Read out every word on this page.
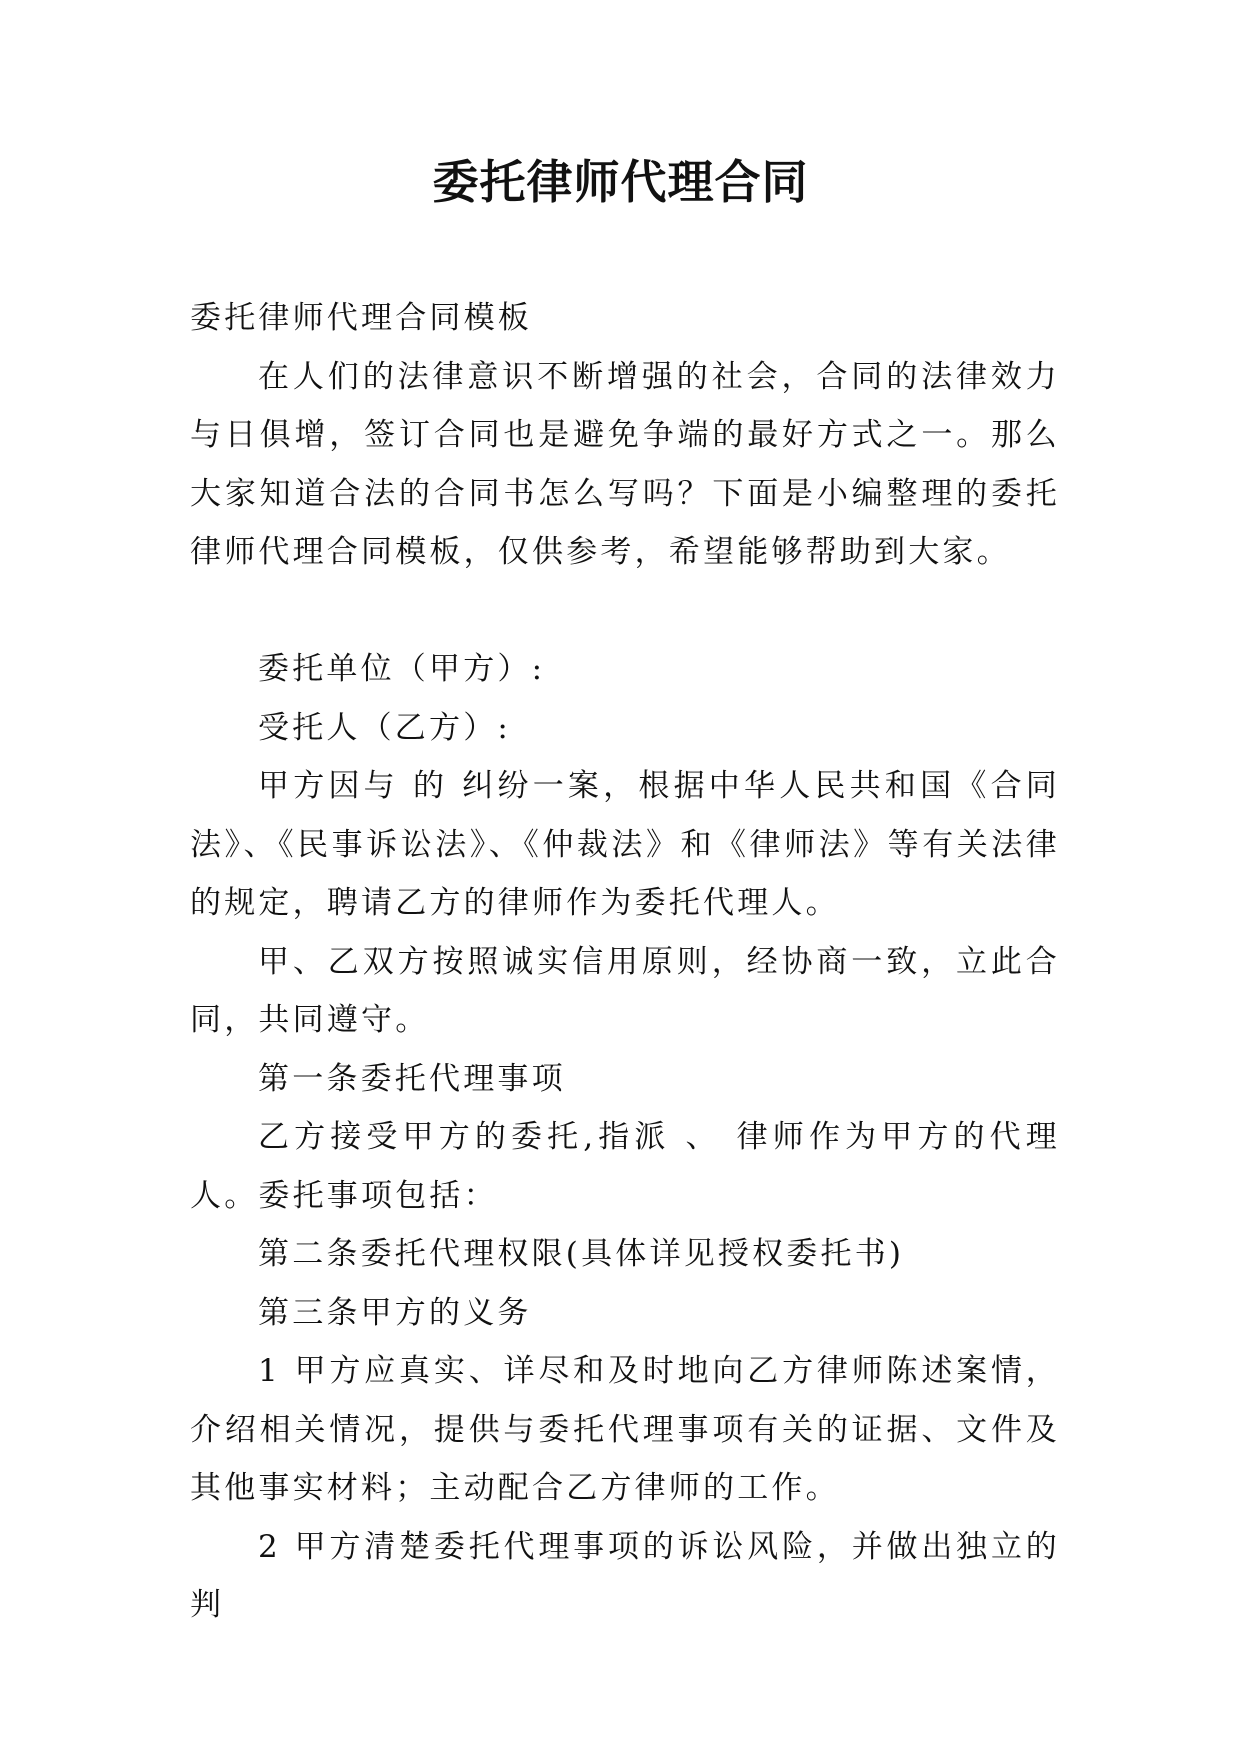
委托律师代理合同

委托律师代理合同模板

在人们的法律意识不断增强的社会，合同的法律效力与日俱增，签订合同也是避免争端的最好方式之一。那么大家知道合法的合同书怎么写吗？下面是小编整理的委托律师代理合同模板，仅供参考，希望能够帮助到大家。

委托单位（甲方）:

受托人（乙方）:

甲方因与 的 纠纷一案，根据中华人民共和国《合同法》、《民事诉讼法》、《仲裁法》和《律师法》等有关法律的规定，聘请乙方的律师作为委托代理人。

甲、乙双方按照诚实信用原则，经协商一致，立此合同，共同遵守。

第一条委托代理事项

乙方接受甲方的委托,指派 、 律师作为甲方的代理人。委托事项包括：

第二条委托代理权限(具体详见授权委托书)

第三条甲方的义务

1 甲方应真实、详尽和及时地向乙方律师陈述案情，介绍相关情况，提供与委托代理事项有关的证据、文件及其他事实材料；主动配合乙方律师的工作。

2 甲方清楚委托代理事项的诉讼风险，并做出独立的判
